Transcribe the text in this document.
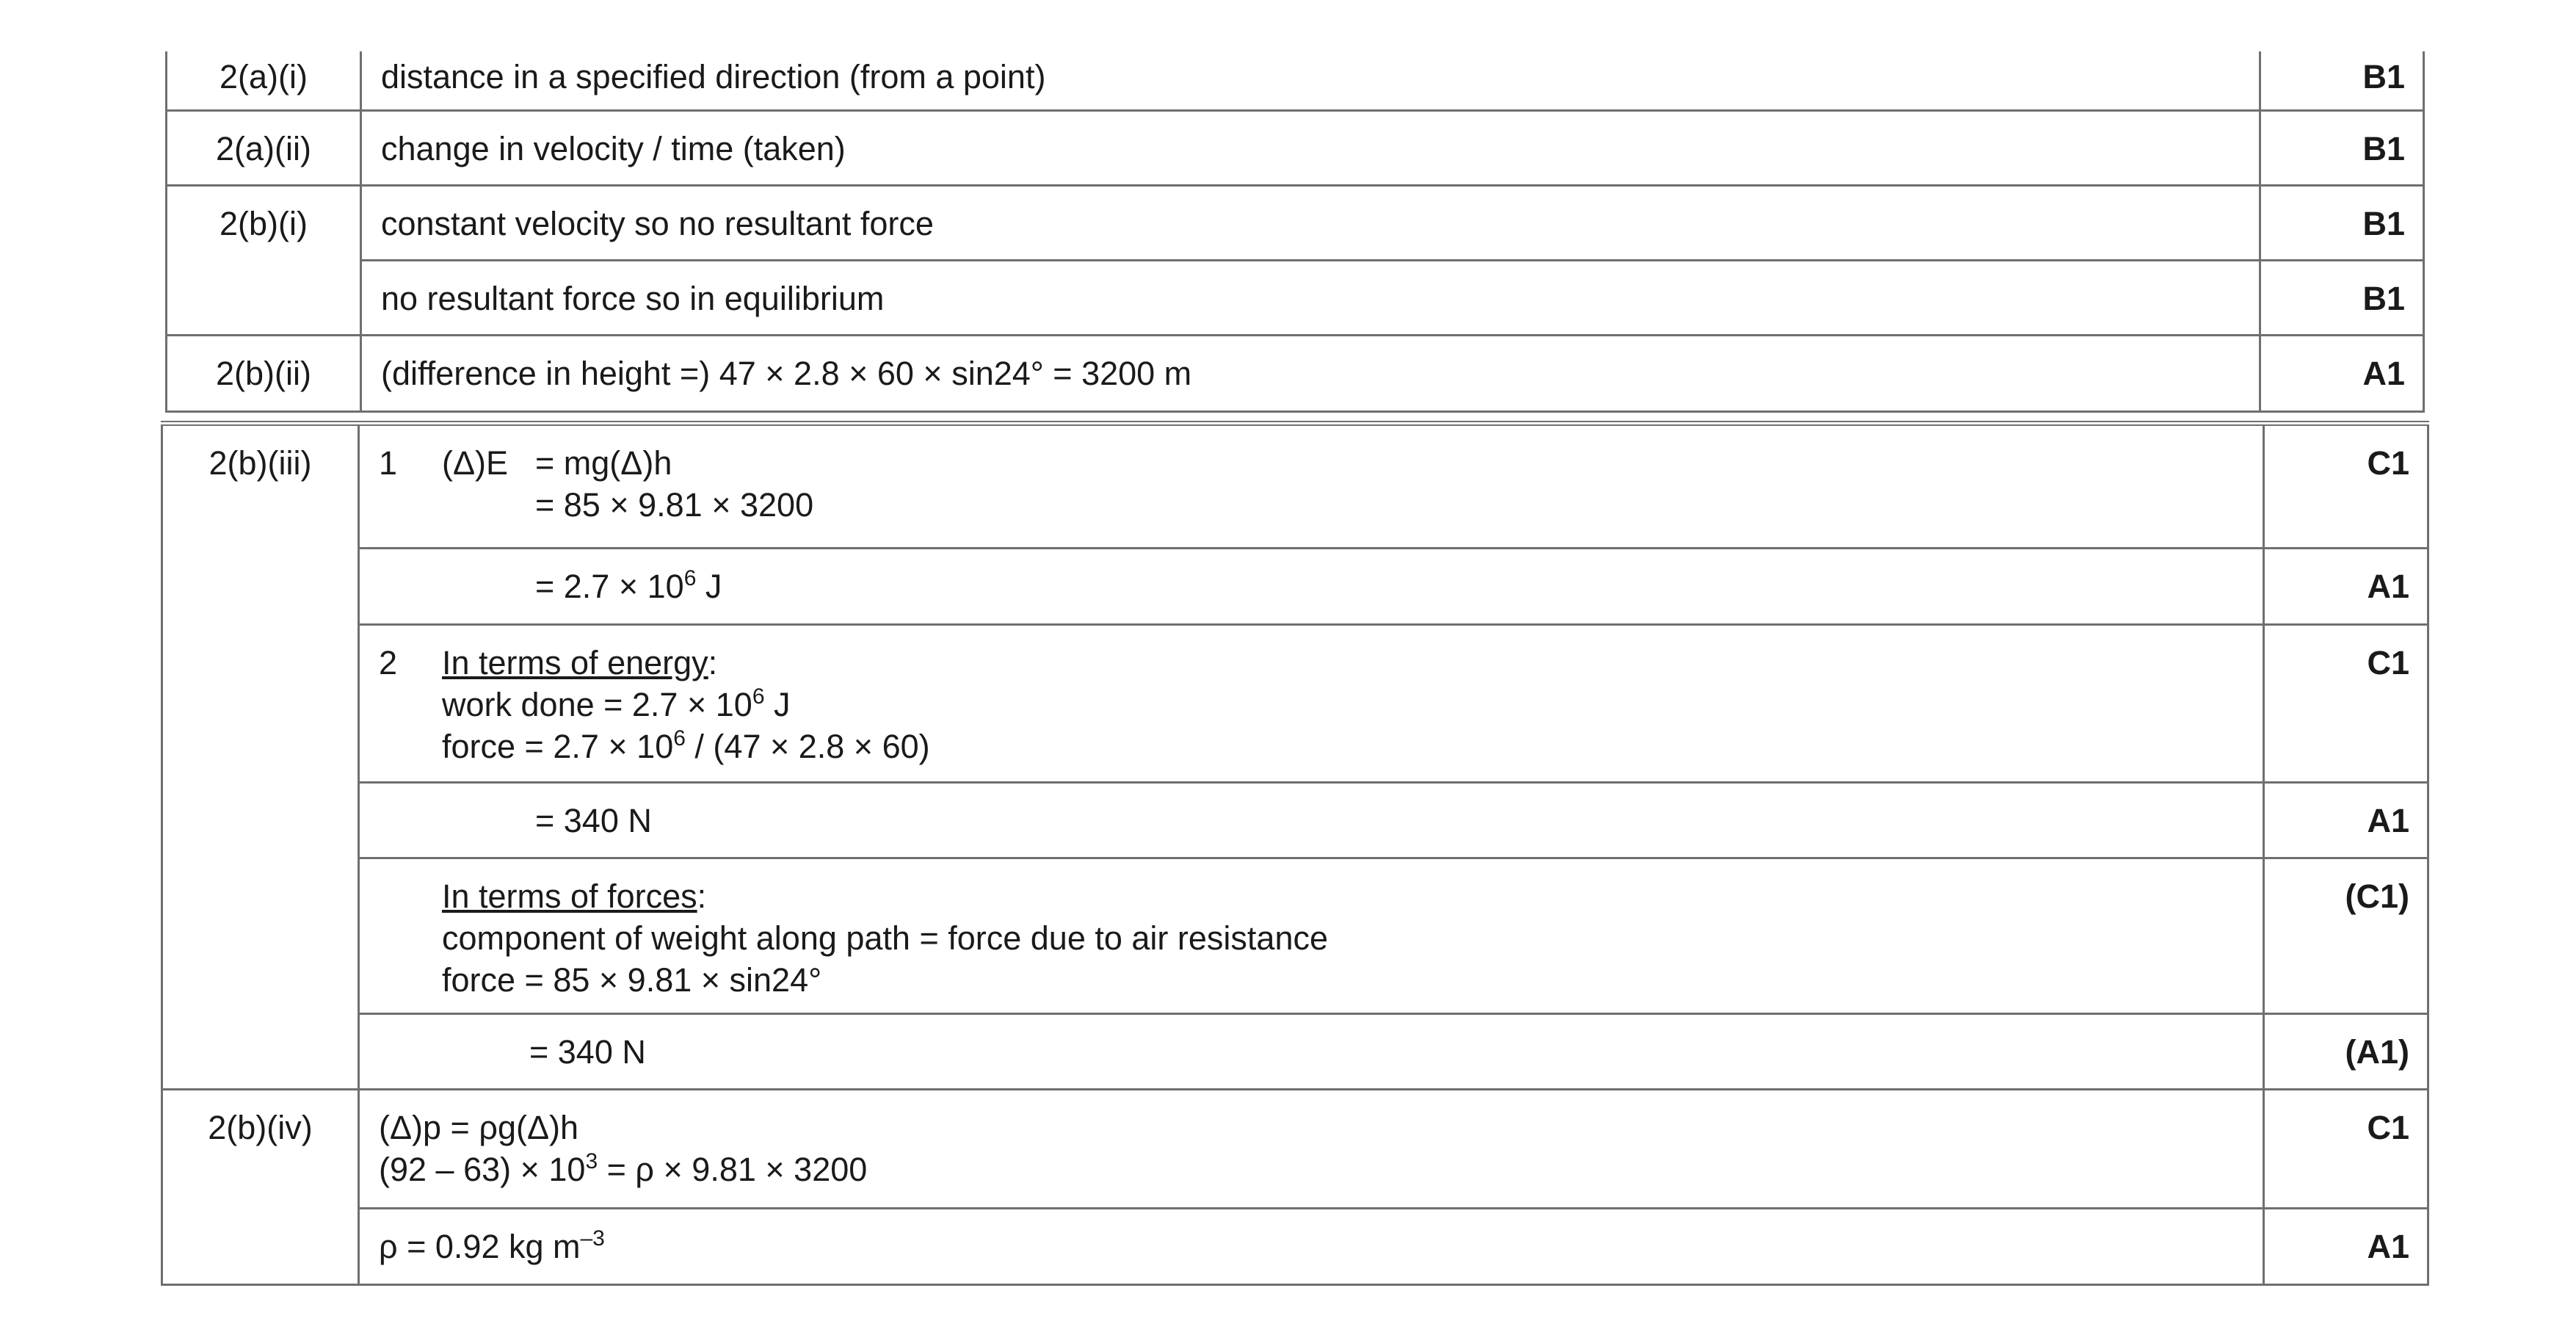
2(a)(i)	distance in a specified direction (from a point)	B1
2(a)(ii)	change in velocity / time (taken)	B1
2(b)(i)	constant velocity so no resultant force	B1
	no resultant force so in equilibrium	B1
2(b)(ii)	(difference in height =) 47 × 2.8 × 60 × sin24° = 3200 m	A1
2(b)(iii)	1 (Δ)E = mg(Δ)h
= 85 × 9.81 × 3200	C1

	= $2.7 \times 10^6$ J	A1

	2 In terms of energy:
work done = $2.7 \times 10^6$ J
force = $2.7 \times 10^6 / (47 \times 2.8 \times 60)$	C1

	= 340 N	A1

	In terms of forces:
component of weight along path = force due to air resistance
force = 85 × 9.81 × sin24°	(C1)

	= 340 N	(A1)
2(b)(iv)	(Δ)p = ρg(Δ)h
$(92 - 63) \times 10^3 = \rho \times 9.81 \times 3200$	C1

	ρ = 0.92 kg $m^{-3}$	A1
